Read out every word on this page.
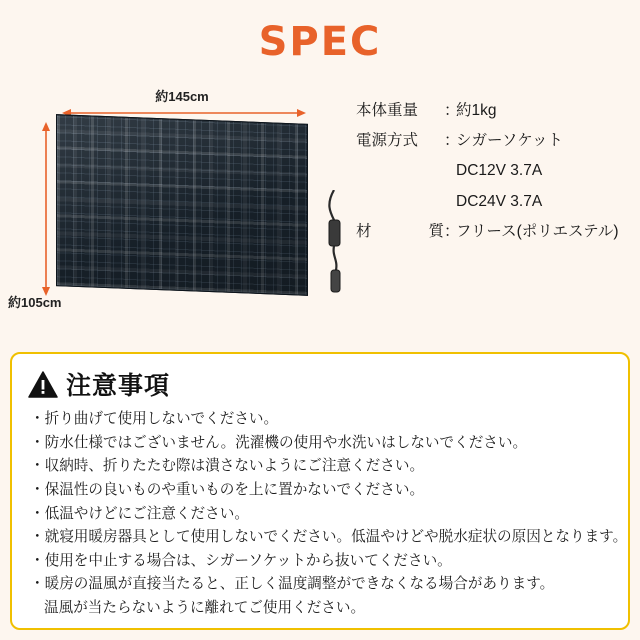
SPEC
約145cm
約105cm
本体重量	：
約1kg
電源方式	：
シガーソケット
DC12V 3.7A
DC24V 3.7A
材	質 ：
フリース(ポリエステル)
注意事項
・折り曲げて使用しないでください。
・防水仕様ではございません。洗濯機の使用や水洗いはしないでください。
・収納時、折りたたむ際は潰さないようにご注意ください。
・保温性の良いものや重いものを上に置かないでください。
・低温やけどにご注意ください。
・就寝用暖房器具として使用しないでください。低温やけどや脱水症状の原因となります。
・使用を中止する場合は、シガーソケットから抜いてください。
・暖房の温風が直接当たると、正しく温度調整ができなくなる場合があります。
温風が当たらないように離れてご使用ください。
